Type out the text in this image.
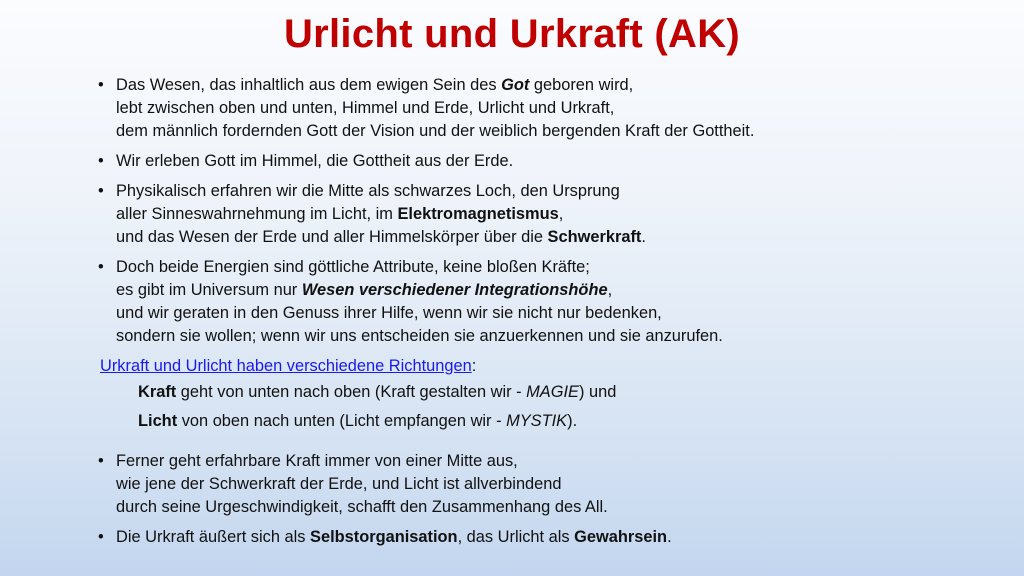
Urlicht und Urkraft (AK)
• Das Wesen, das inhaltlich aus dem ewigen Sein des Got geboren wird,
lebt zwischen oben und unten, Himmel und Erde, Urlicht und Urkraft,
dem männlich fordernden Gott der Vision und der weiblich bergenden Kraft der Gottheit.
• Wir erleben Gott im Himmel, die Gottheit aus der Erde.
• Physikalisch erfahren wir die Mitte als schwarzes Loch, den Ursprung
aller Sinneswahrnehmung im Licht, im Elektromagnetismus,
und das Wesen der Erde und aller Himmelskörper über die Schwerkraft.
• Doch beide Energien sind göttliche Attribute, keine bloßen Kräfte;
es gibt im Universum nur Wesen verschiedener Integrationshöhe,
und wir geraten in den Genuss ihrer Hilfe, wenn wir sie nicht nur bedenken,
sondern sie wollen; wenn wir uns entscheiden sie anzuerkennen und sie anzurufen.
Urkraft und Urlicht haben verschiedene Richtungen:
Kraft geht von unten nach oben (Kraft gestalten wir - MAGIE) und
Licht von oben nach unten (Licht empfangen wir - MYSTIK).
• Ferner geht erfahrbare Kraft immer von einer Mitte aus,
wie jene der Schwerkraft der Erde, und Licht ist allverbindend
durch seine Urgeschwindigkeit, schafft den Zusammenhang des All.
• Die Urkraft äußert sich als Selbstorganisation, das Urlicht als Gewahrsein.
